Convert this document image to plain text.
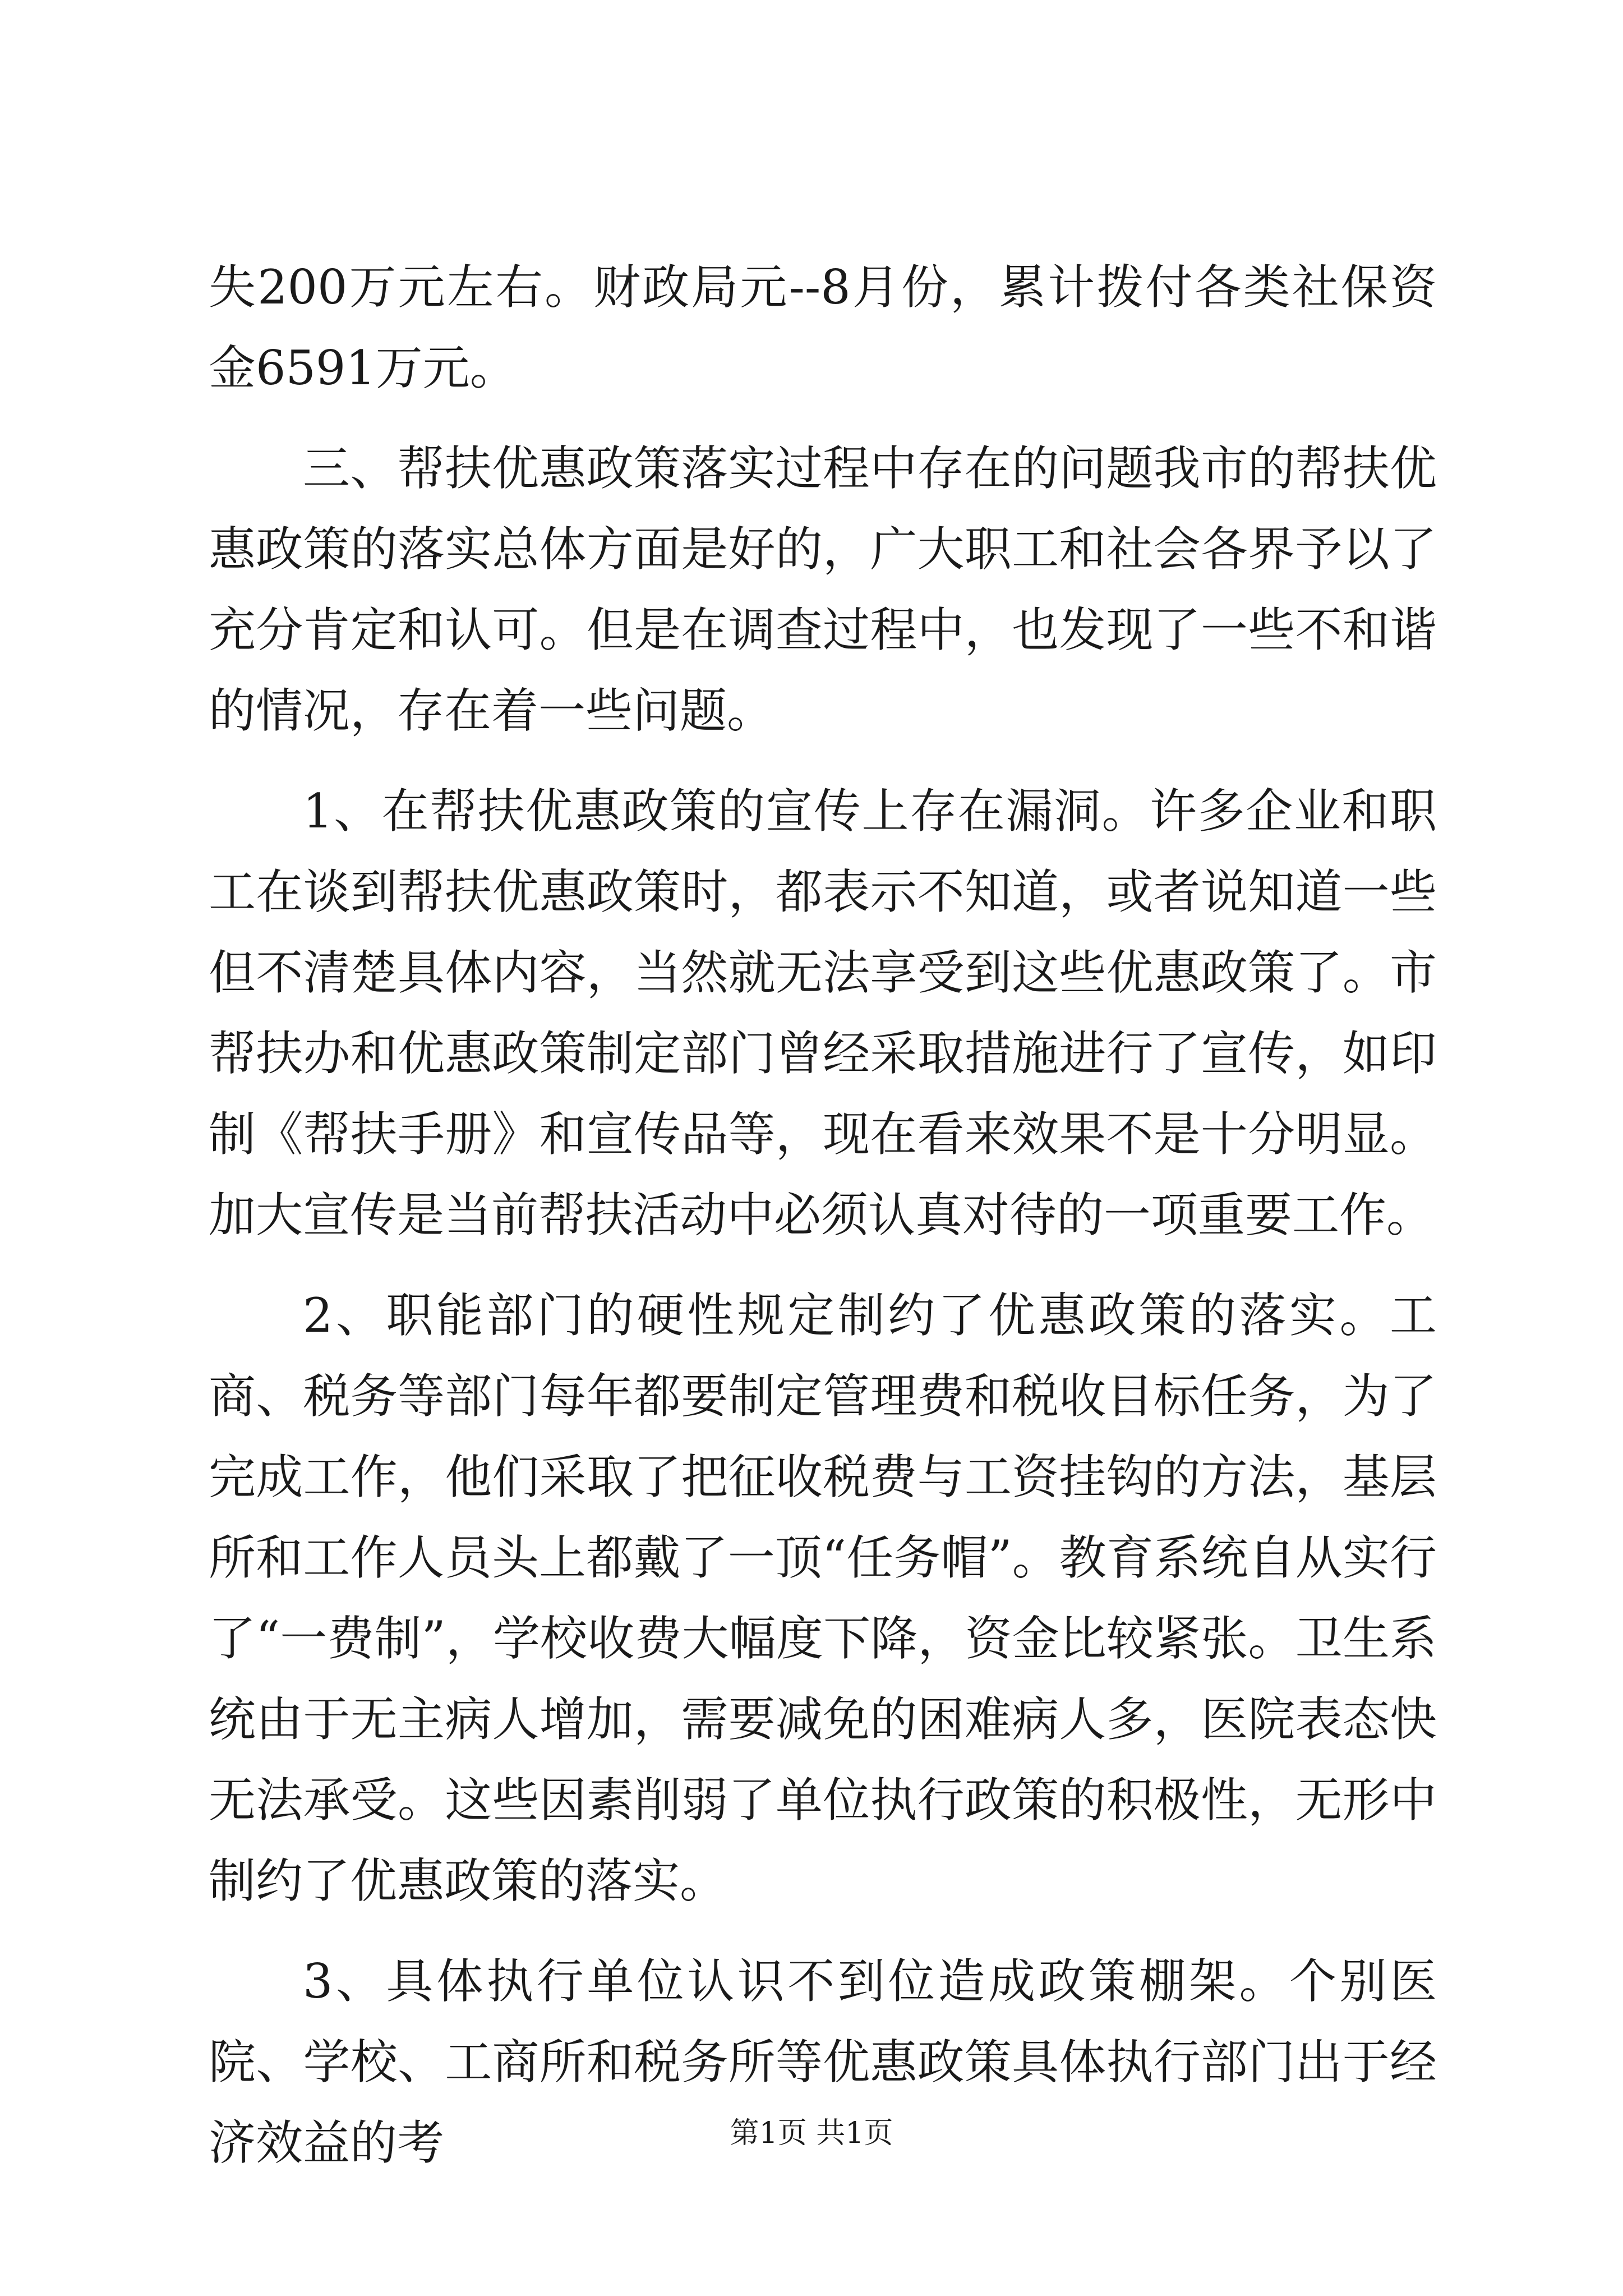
失200万元左右。财政局元--8月份，累计拨付各类社保资金6591万元。

三、帮扶优惠政策落实过程中存在的问题我市的帮扶优惠政策的落实总体方面是好的，广大职工和社会各界予以了充分肯定和认可。但是在调查过程中，也发现了一些不和谐的情况，存在着一些问题。

1、在帮扶优惠政策的宣传上存在漏洞。许多企业和职工在谈到帮扶优惠政策时，都表示不知道，或者说知道一些但不清楚具体内容，当然就无法享受到这些优惠政策了。市帮扶办和优惠政策制定部门曾经采取措施进行了宣传，如印制《帮扶手册》和宣传品等，现在看来效果不是十分明显。加大宣传是当前帮扶活动中必须认真对待的一项重要工作。

2、职能部门的硬性规定制约了优惠政策的落实。工商、税务等部门每年都要制定管理费和税收目标任务，为了完成工作，他们采取了把征收税费与工资挂钩的方法，基层所和工作人员头上都戴了一顶“任务帽”。教育系统自从实行了“一费制”，学校收费大幅度下降，资金比较紧张。卫生系统由于无主病人增加，需要减免的困难病人多，医院表态快无法承受。这些因素削弱了单位执行政策的积极性，无形中制约了优惠政策的落实。

3、具体执行单位认识不到位造成政策棚架。个别医院、学校、工商所和税务所等优惠政策具体执行部门出于经济效益的考	第1页 共1页
